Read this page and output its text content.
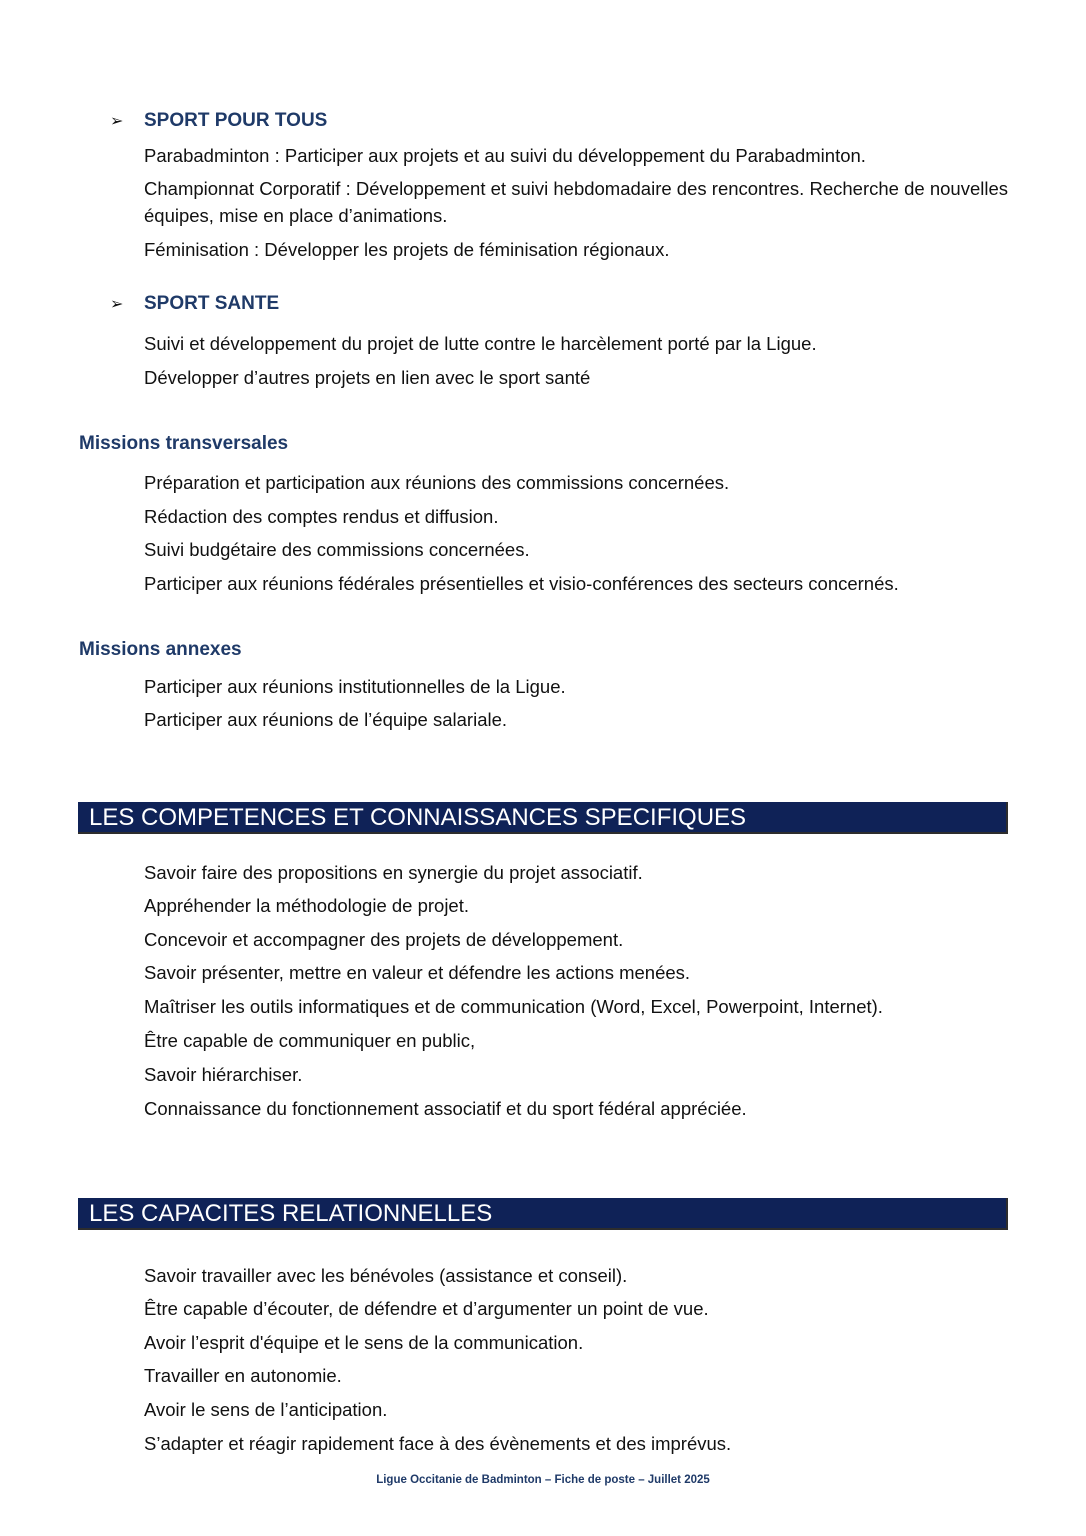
➢	SPORT POUR TOUS
Parabadminton : Participer aux projets et au suivi du développement du Parabadminton.
Championnat Corporatif : Développement et suivi hebdomadaire des rencontres. Recherche de nouvelles équipes, mise en place d’animations.
Féminisation : Développer les projets de féminisation régionaux.
➢	SPORT SANTE
Suivi et développement du projet de lutte contre le harcèlement porté par la Ligue.
Développer d’autres projets en lien avec le sport santé
Missions transversales
Préparation et participation aux réunions des commissions concernées.
Rédaction des comptes rendus et diffusion.
Suivi budgétaire des commissions concernées.
Participer aux réunions fédérales présentielles et visio-conférences des secteurs concernés.
Missions annexes
Participer aux réunions institutionnelles de la Ligue.
Participer aux réunions de l’équipe salariale.
LES COMPETENCES ET CONNAISSANCES SPECIFIQUES
Savoir faire des propositions en synergie du projet associatif.
Appréhender la méthodologie de projet.
Concevoir et accompagner des projets de développement.
Savoir présenter, mettre en valeur et défendre les actions menées.
Maîtriser les outils informatiques et de communication (Word, Excel, Powerpoint, Internet).
Être capable de communiquer en public,
Savoir hiérarchiser.
Connaissance du fonctionnement associatif et du sport fédéral appréciée.
LES CAPACITES RELATIONNELLES
Savoir travailler avec les bénévoles (assistance et conseil).
Être capable d’écouter, de défendre et d’argumenter un point de vue.
Avoir l’esprit d'équipe et le sens de la communication.
Travailler en autonomie.
Avoir le sens de l’anticipation.
S’adapter et réagir rapidement face à des évènements et des imprévus.
Ligue Occitanie de Badminton – Fiche de poste – Juillet 2025
